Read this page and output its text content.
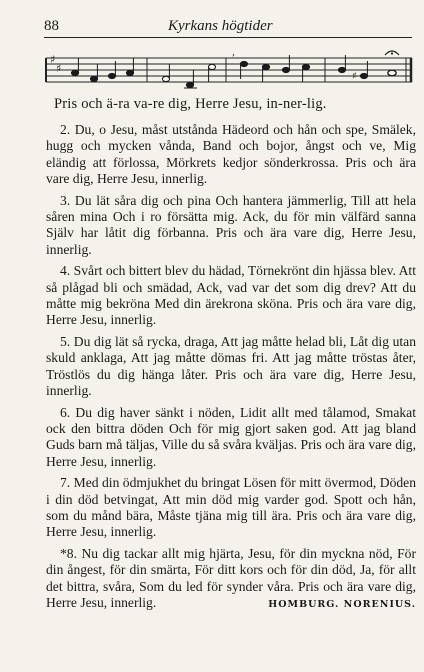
88	Kyrkans högtider
♯
♯
♯
,
Pris och ä-ra va-re dig, Herre Jesu, in-ner-lig.

2. Du, o Jesu, måst utstånda Hädeord och hån och spe, Smälek, hugg och mycken vånda, Band och bojor, ångst och ve, Mig eländig att förlossa, Mörkrets kedjor sönderkrossa. Pris och ära vare dig, Herre Jesu, innerlig.

3. Du lät såra dig och pina Och hantera jämmerlig, Till att hela såren mina Och i ro försätta mig. Ack, du för min välfärd sanna Själv har låtit dig förbanna. Pris och ära vare dig, Herre Jesu, innerlig.

4. Svårt och bittert blev du hädad, Törnekrönt din hjässa blev. Att så plågad bli och smädad, Ack, vad var det som dig drev? Att du måtte mig bekröna Med din ärekrona sköna. Pris och ära vare dig, Herre Jesu, innerlig.

5. Du dig lät så rycka, draga, Att jag måtte helad bli, Låt dig utan skuld anklaga, Att jag måtte dömas fri. Att jag måtte tröstas åter, Tröstlös du dig hänga låter. Pris och ära vare dig, Herre Jesu, innerlig.

6. Du dig haver sänkt i nöden, Lidit allt med tålamod, Smakat ock den bittra döden Och för mig gjort saken god. Att jag bland Guds barn må täljas, Ville du så svåra kväljas. Pris och ära vare dig, Herre Jesu, innerlig.

7. Med din ödmjukhet du bringat Lösen för mitt övermod, Döden i din död betvingat, Att min död mig varder god. Spott och hån, som du månd bära, Måste tjäna mig till ära. Pris och ära vare dig, Herre Jesu, innerlig.

*8. Nu dig tackar allt mig hjärta, Jesu, för din myckna nöd, För din ångest, för din smärta, För ditt kors och för din död, Ja, för allt det bittra, svåra, Som du led för synder våra. Pris och ära vare dig, Herre Jesu, innerlig.	HOMBURG. NORENIUS.
